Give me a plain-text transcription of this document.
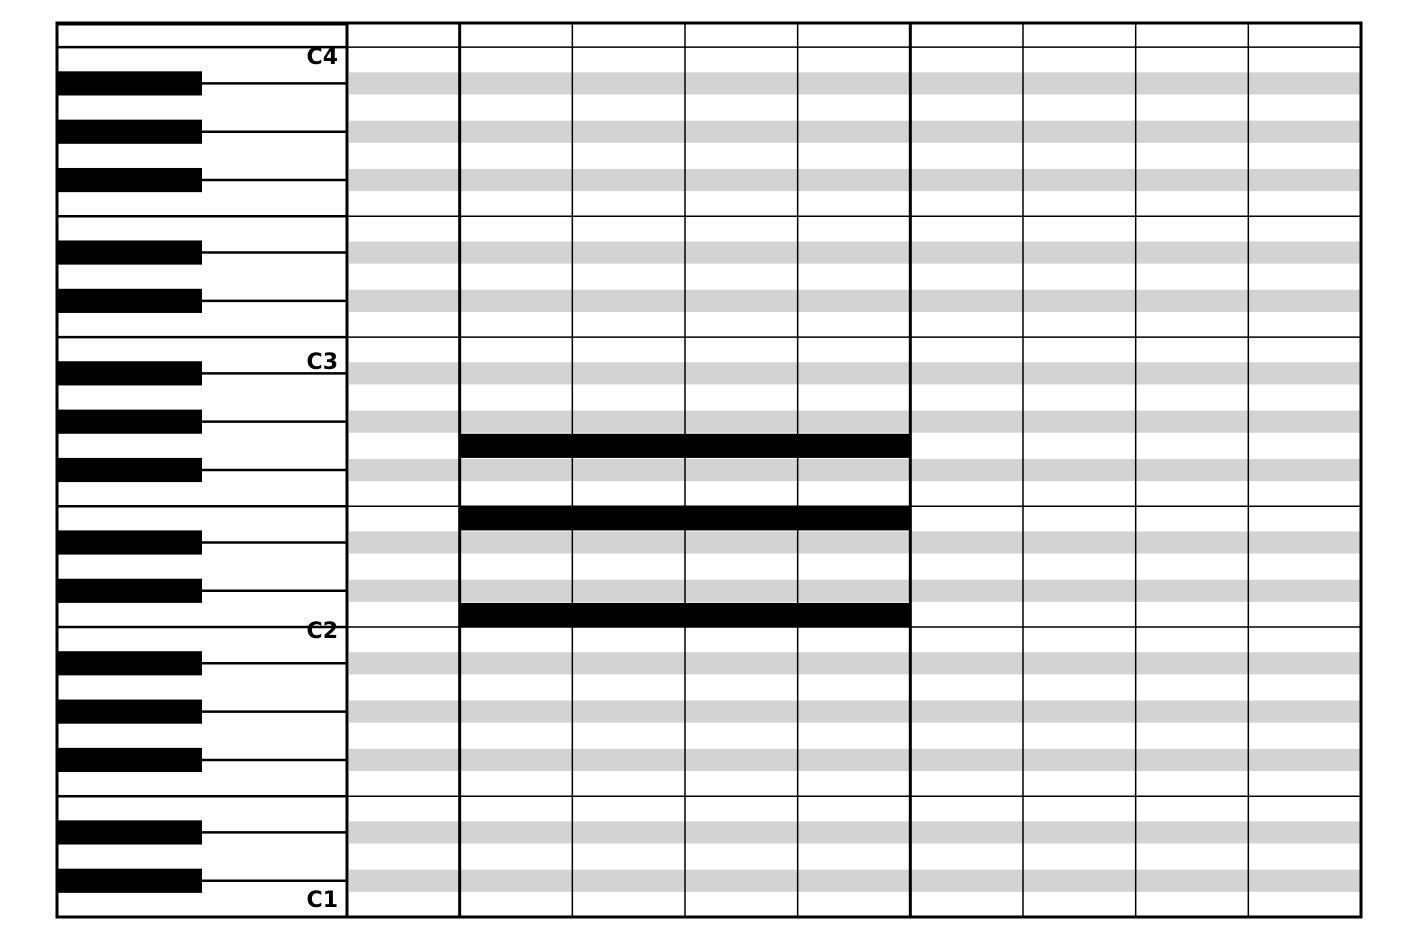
C4
C3
C2
C1
